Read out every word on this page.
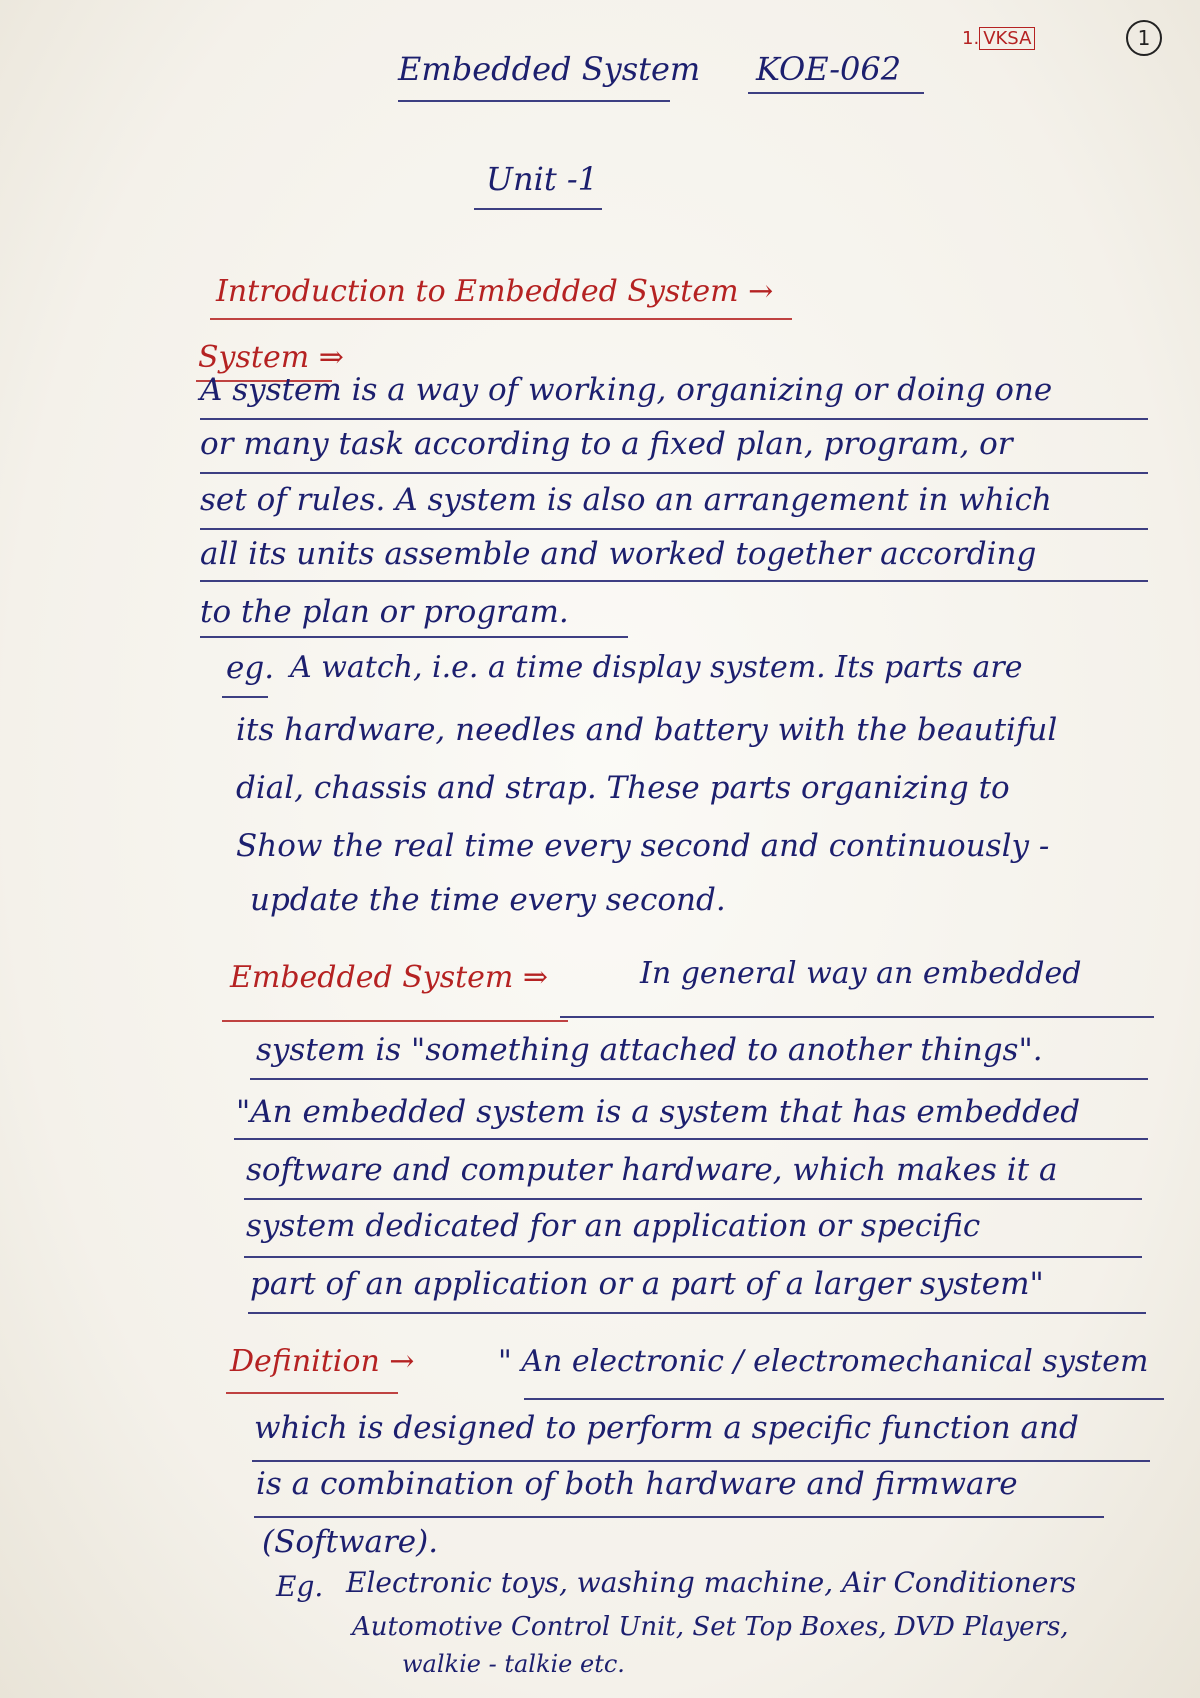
Embedded System KOE-062
1. VKSA	1
Unit -1
Introduction to Embedded System →
System ⇒
A system is a way of working, organizing or doing one
or many task according to a fixed plan, program, or
set of rules. A system is also an arrangement in which
all its units assemble and worked together according
to the plan or program.
eg. A watch, i.e. a time display system. Its parts are
its hardware, needles and battery with the beautiful
dial, chassis and strap. These parts organizing to
Show the real time every second and continuously -
update the time every second.
Embedded System ⇒	In general way an embedded
system is "something attached to another things".
"An embedded system is a system that has embedded
software and computer hardware, which makes it a
system dedicated for an application or specific
part of an application or a part of a larger system"
Definition →	" An electronic / electromechanical system
which is designed to perform a specific function and
is a combination of both hardware and firmware
(Software).
Eg. Electronic toys, washing machine, Air Conditioners
Automotive Control Unit, Set Top Boxes, DVD Players,
walkie - talkie etc.
